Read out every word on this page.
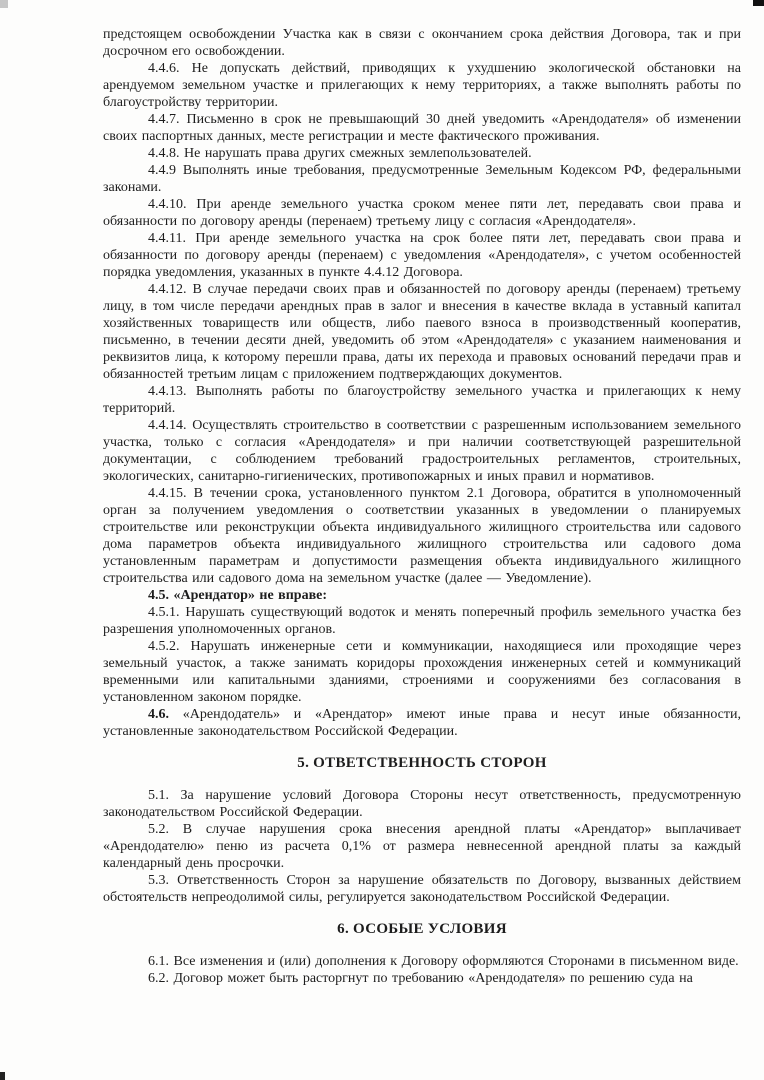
предстоящем освобождении Участка как в связи с окончанием срока действия Договора, так и при досрочном его освобождении.

4.4.6. Не допускать действий, приводящих к ухудшению экологической обстановки на арендуемом земельном участке и прилегающих к нему территориях, а также выполнять работы по благоустройству территории.

4.4.7. Письменно в срок не превышающий 30 дней уведомить «Арендодателя» об изменении своих паспортных данных, месте регистрации и месте фактического проживания.

4.4.8. Не нарушать права других смежных землепользователей.

4.4.9 Выполнять иные требования, предусмотренные Земельным Кодексом РФ, федеральными законами.

4.4.10. При аренде земельного участка сроком менее пяти лет, передавать свои права и обязанности по договору аренды (перенаем) третьему лицу с согласия «Арендодателя».

4.4.11. При аренде земельного участка на срок более пяти лет, передавать свои права и обязанности по договору аренды (перенаем) с уведомления «Арендодателя», с учетом особенностей порядка уведомления, указанных в пункте 4.4.12 Договора.

4.4.12. В случае передачи своих прав и обязанностей по договору аренды (перенаем) третьему лицу, в том числе передачи арендных прав в залог и внесения в качестве вклада в уставный капитал хозяйственных товариществ или обществ, либо паевого взноса в производственный кооператив, письменно, в течении десяти дней, уведомить об этом «Арендодателя» с указанием наименования и реквизитов лица, к которому перешли права, даты их перехода и правовых оснований передачи прав и обязанностей третьим лицам с приложением подтверждающих документов.

4.4.13. Выполнять работы по благоустройству земельного участка и прилегающих к нему территорий.

4.4.14. Осуществлять строительство в соответствии с разрешенным использованием земельного участка, только с согласия «Арендодателя» и при наличии соответствующей разрешительной документации, с соблюдением требований градостроительных регламентов, строительных, экологических, санитарно-гигиенических, противопожарных и иных правил и нормативов.

4.4.15. В течении срока, установленного пунктом 2.1 Договора, обратится в уполномоченный орган за получением уведомления о соответствии указанных в уведомлении о планируемых строительстве или реконструкции объекта индивидуального жилищного строительства или садового дома параметров объекта индивидуального жилищного строительства или садового дома установленным параметрам и допустимости размещения объекта индивидуального жилищного строительства или садового дома на земельном участке (далее — Уведомление).

4.5. «Арендатор» не вправе:

4.5.1. Нарушать существующий водоток и менять поперечный профиль земельного участка без разрешения уполномоченных органов.

4.5.2. Нарушать инженерные сети и коммуникации, находящиеся или проходящие через земельный участок, а также занимать коридоры прохождения инженерных сетей и коммуникаций временными или капитальными зданиями, строениями и сооружениями без согласования в установленном законом порядке.

4.6. «Арендодатель» и «Арендатор» имеют иные права и несут иные обязанности, установленные законодательством Российской Федерации.

5. ОТВЕТСТВЕННОСТЬ СТОРОН

5.1. За нарушение условий Договора Стороны несут ответственность, предусмотренную законодательством Российской Федерации.

5.2. В случае нарушения срока внесения арендной платы «Арендатор» выплачивает «Арендодателю» пеню из расчета 0,1% от размера невнесенной арендной платы за каждый календарный день просрочки.

5.3. Ответственность Сторон за нарушение обязательств по Договору, вызванных действием обстоятельств непреодолимой силы, регулируется законодательством Российской Федерации.

6. ОСОБЫЕ УСЛОВИЯ

6.1. Все изменения и (или) дополнения к Договору оформляются Сторонами в письменном виде.

6.2. Договор может быть расторгнут по требованию «Арендодателя» по решению суда на
